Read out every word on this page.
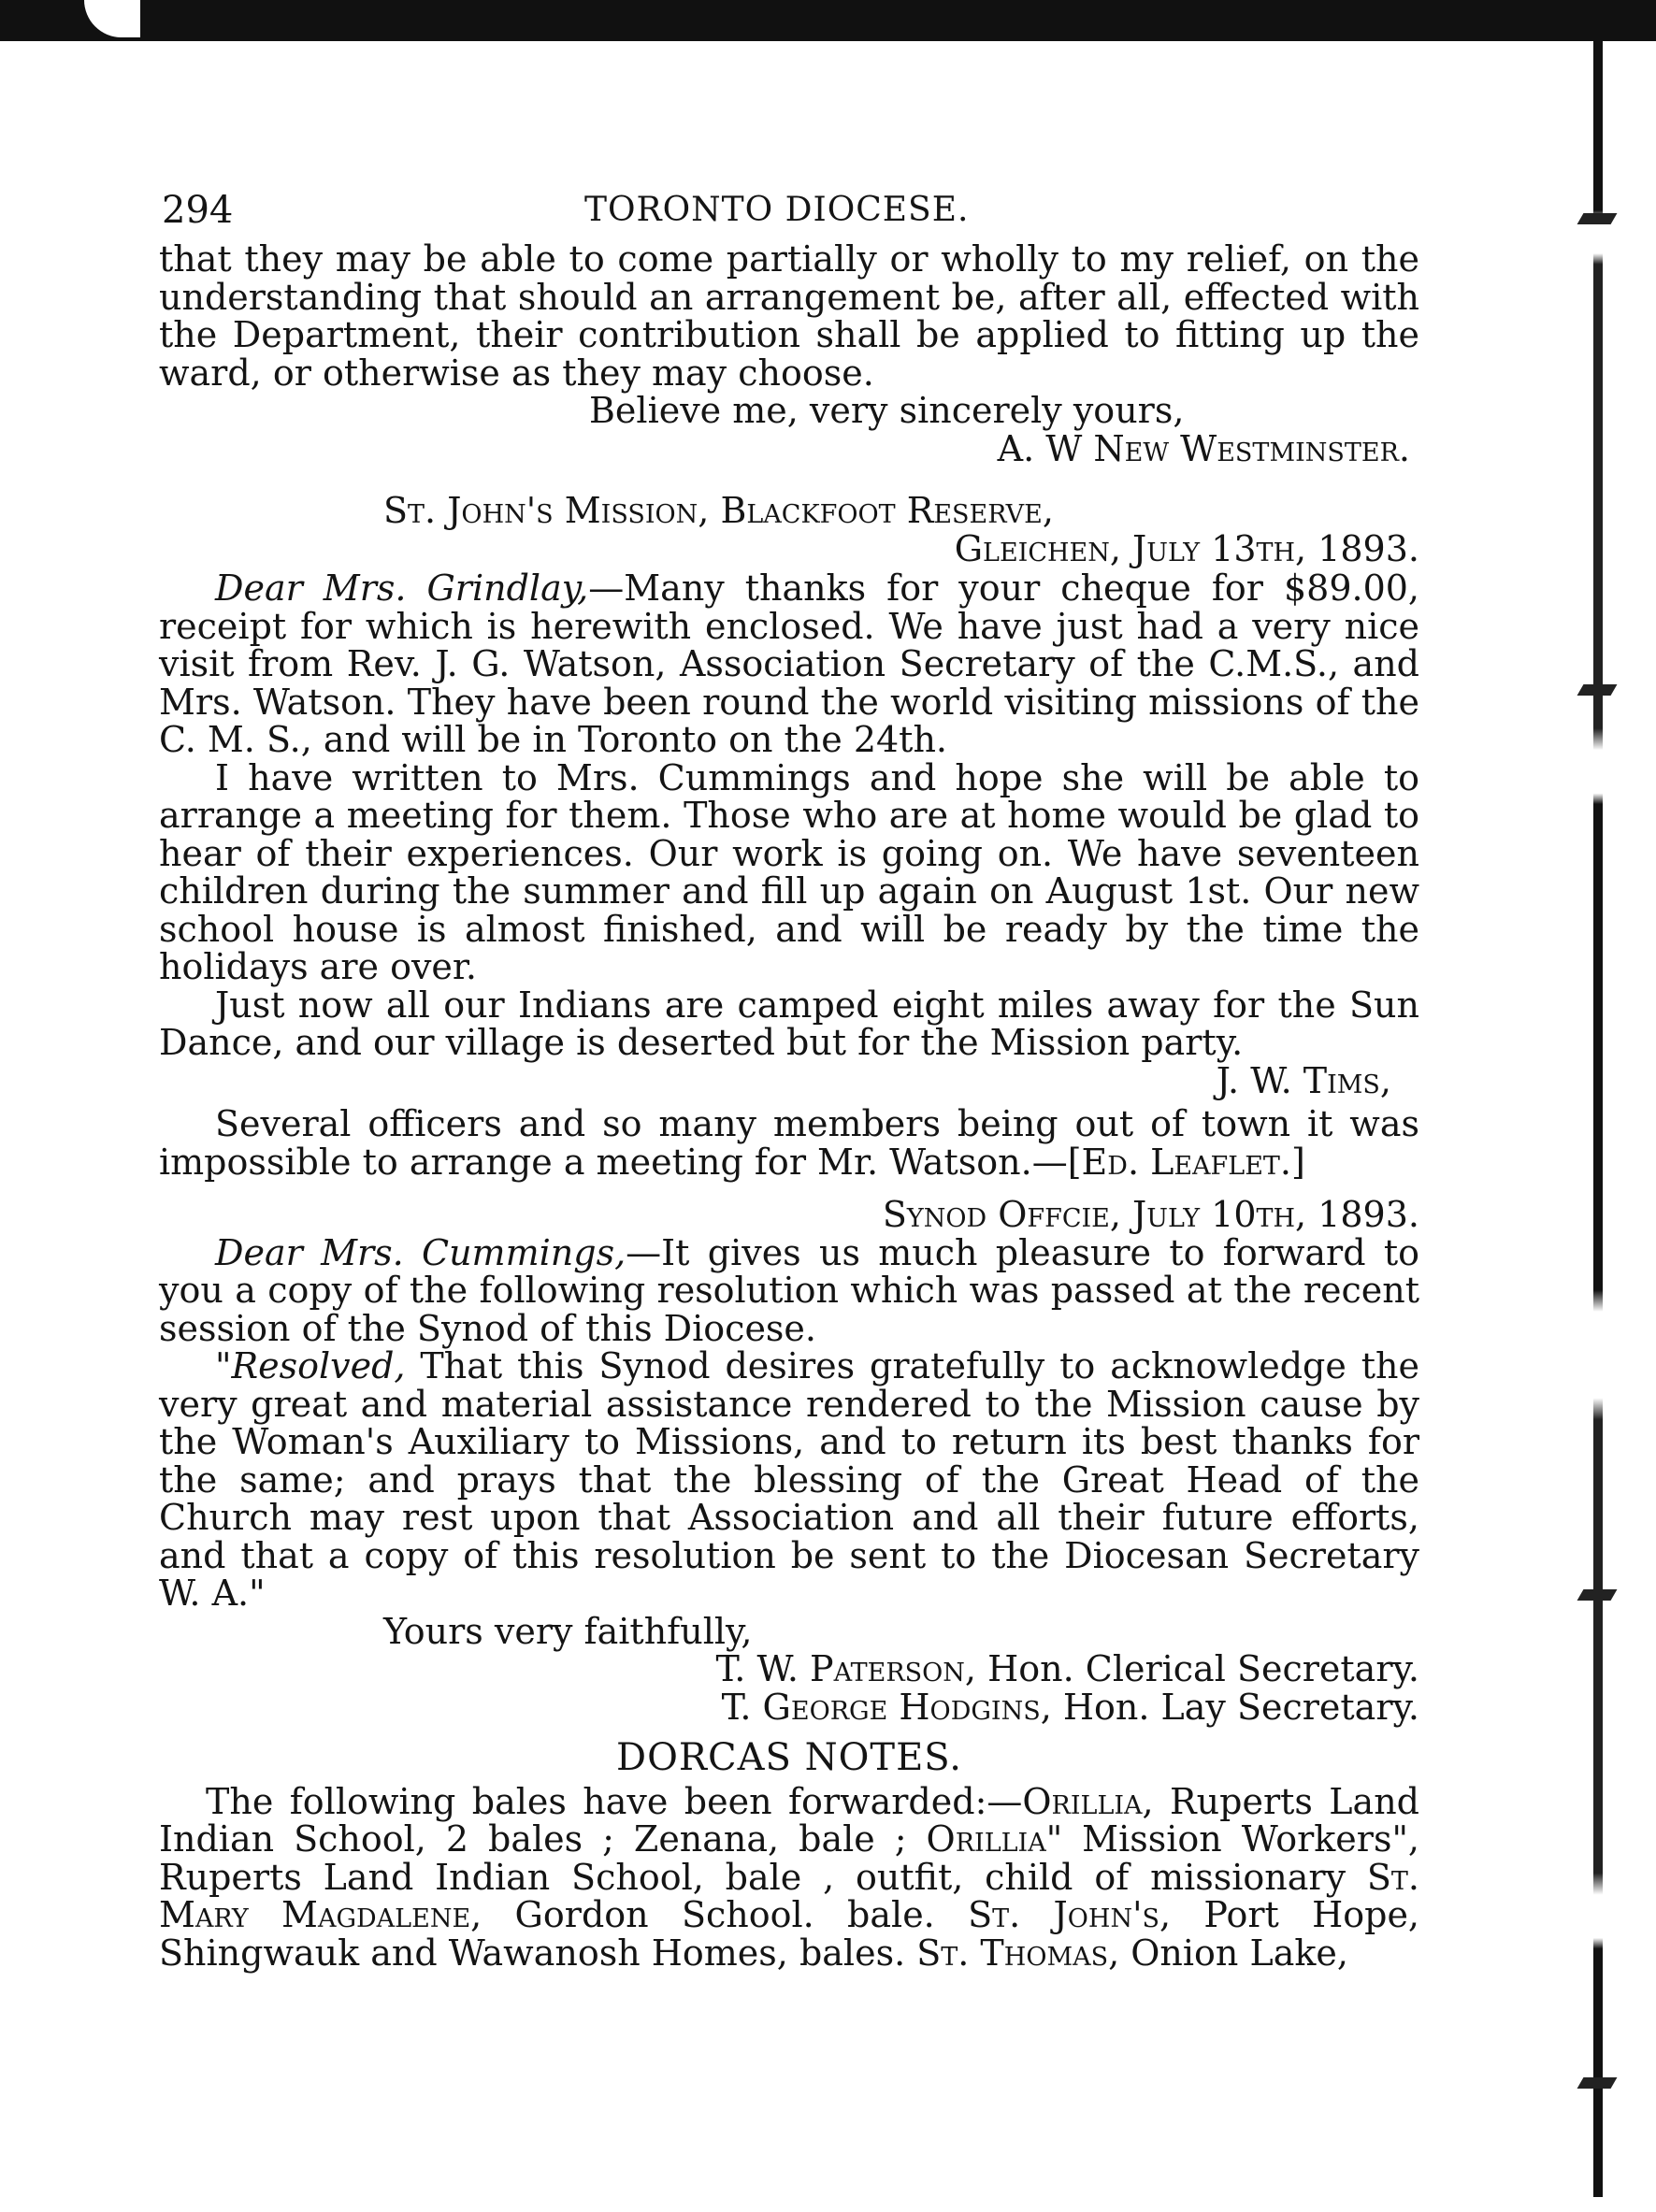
294	TORONTO DIOCESE.

that they may be able to come partially or wholly to my relief, on the understanding that should an arrangement be, after all, effected with the Department, their contribution shall be applied to fitting up the ward, or otherwise as they may choose.

Believe me, very sincerely yours,

A. W New Westminster.

St. John's Mission, Blackfoot Reserve,

Gleichen, July 13th, 1893.

Dear Mrs. Grindlay,—Many thanks for your cheque for $89.00, receipt for which is herewith enclosed. We have just had a very nice visit from Rev. J. G. Watson, Association Secretary of the C.M.S., and Mrs. Watson. They have been round the world visiting missions of the C. M. S., and will be in Toronto on the 24th.

I have written to Mrs. Cummings and hope she will be able to arrange a meeting for them. Those who are at home would be glad to hear of their experiences. Our work is going on. We have seventeen children during the summer and fill up again on August 1st. Our new school house is almost finished, and will be ready by the time the holidays are over.

Just now all our Indians are camped eight miles away for the Sun Dance, and our village is deserted but for the Mission party.

J. W. Tims,

Several officers and so many members being out of town it was impossible to arrange a meeting for Mr. Watson.—[Ed. Leaflet.]

Synod Offcie, July 10th, 1893.

Dear Mrs. Cummings,—It gives us much pleasure to forward to you a copy of the following resolution which was passed at the recent session of the Synod of this Diocese.

"Resolved, That this Synod desires gratefully to acknowledge the very great and material assistance rendered to the Mission cause by the Woman's Auxiliary to Missions, and to return its best thanks for the same; and prays that the blessing of the Great Head of the Church may rest upon that Association and all their future efforts, and that a copy of this resolution be sent to the Diocesan Secretary W. A."

Yours very faithfully,

T. W. Paterson, Hon. Clerical Secretary.

T. George Hodgins, Hon. Lay Secretary.

DORCAS NOTES.

The following bales have been forwarded:—Orillia, Ruperts Land Indian School, 2 bales ; Zenana, bale ; Orillia" Mission Workers", Ruperts Land Indian School, bale , outfit, child of missionary St. Mary Magdalene, Gordon School. bale. St. John's, Port Hope, Shingwauk and Wawanosh Homes, bales. St. Thomas, Onion Lake,
